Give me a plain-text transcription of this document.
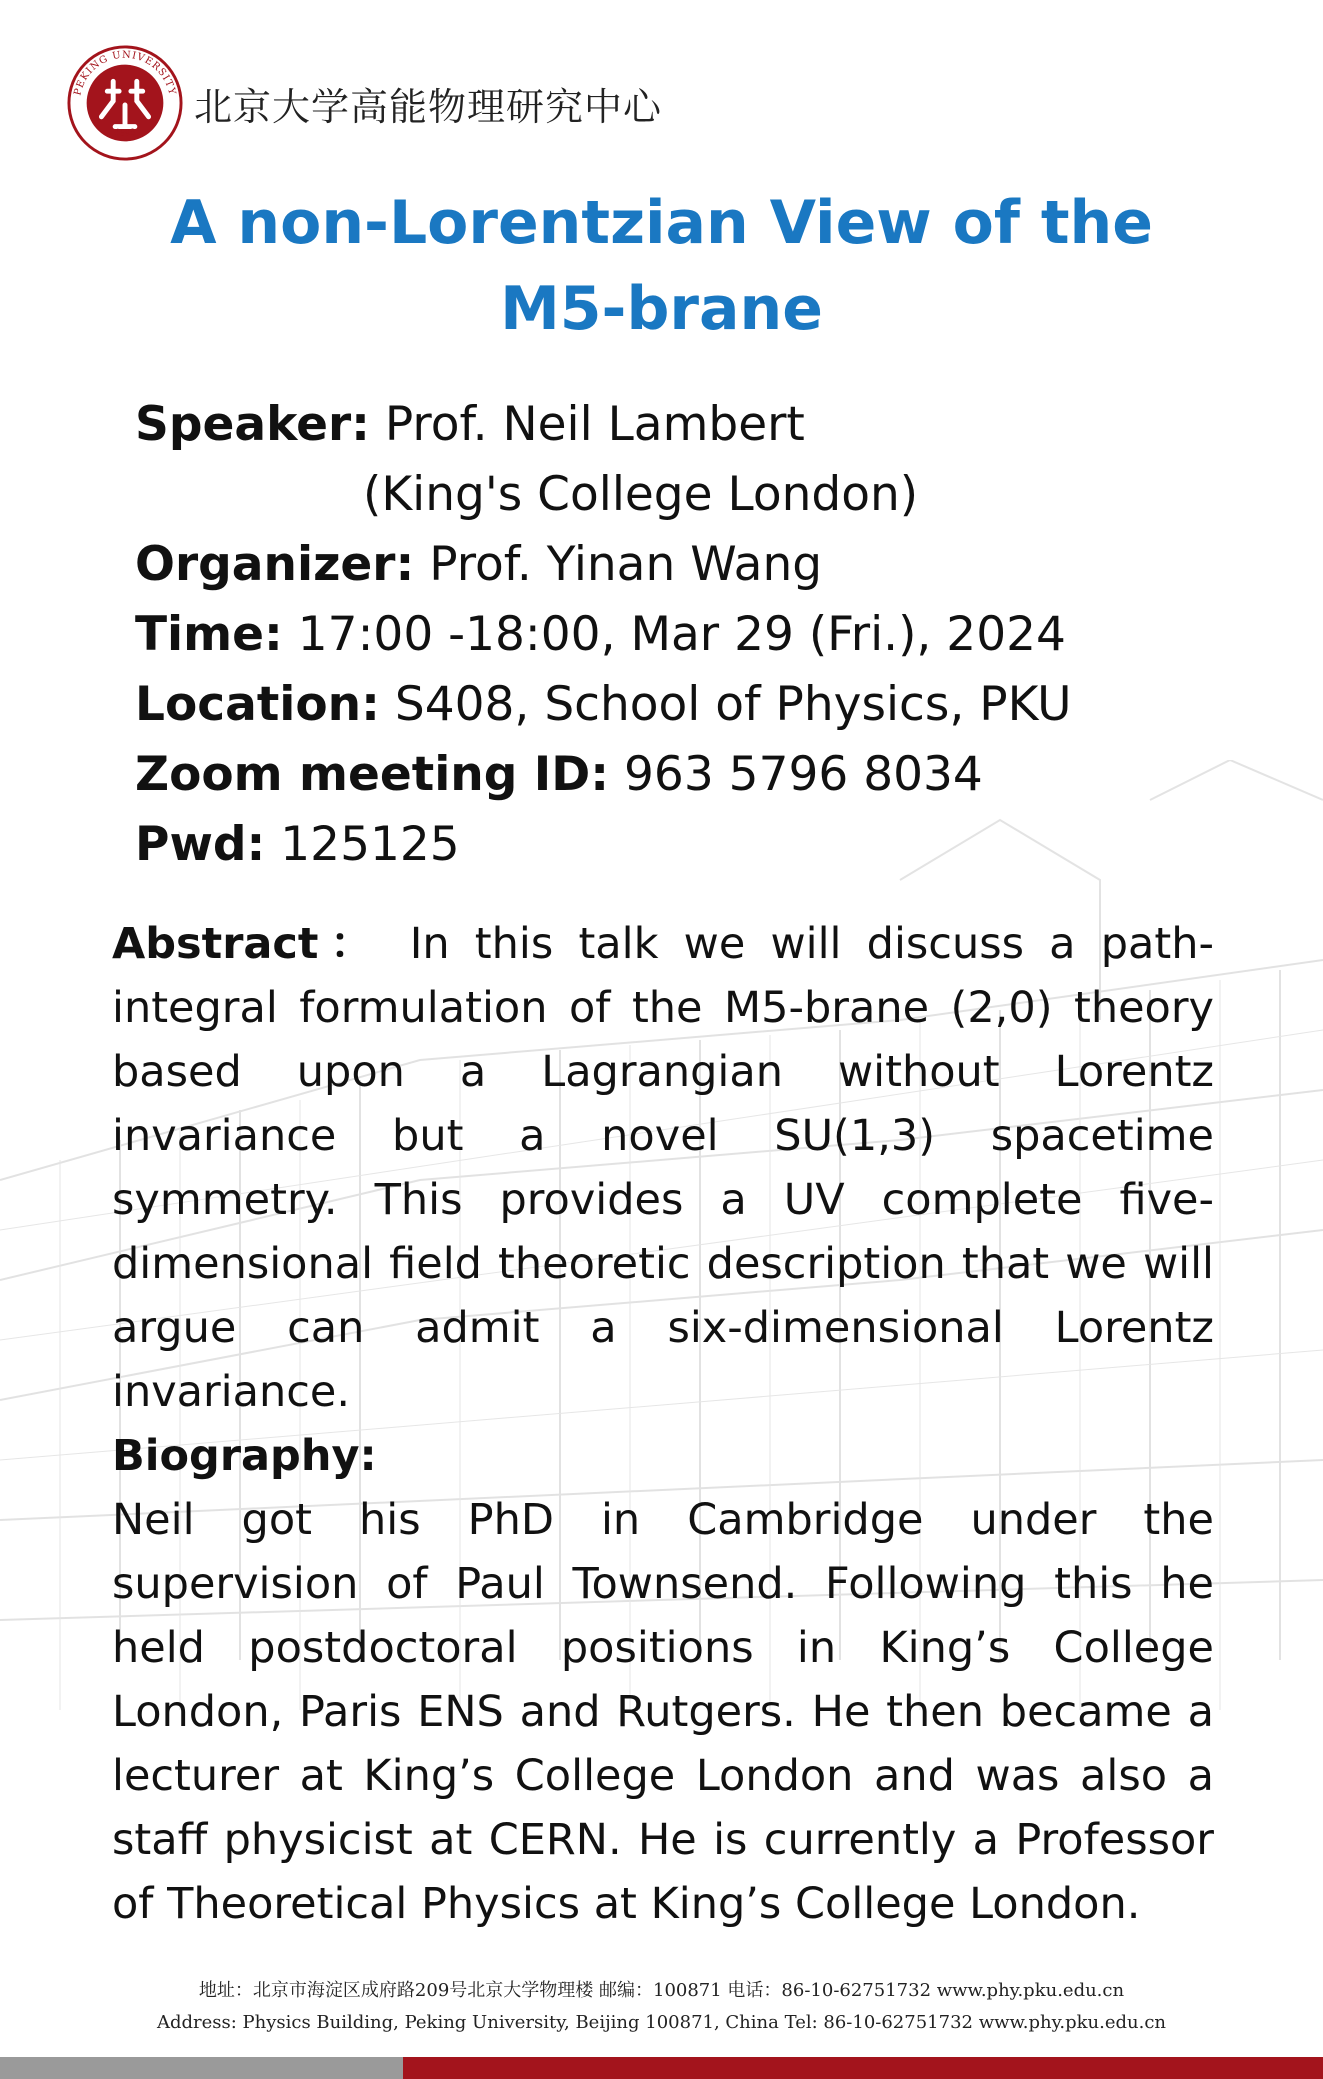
PEKING UNIVERSITY
1898
北京大学高能物理研究中心
A non-Lorentzian View of the
M5-brane
Speaker: Prof. Neil Lambert
(King's College London)
Organizer: Prof. Yinan Wang
Time: 17:00 -18:00, Mar 29 (Fri.), 2024
Location: S408, School of Physics, PKU
Zoom meeting ID: 963 5796 8034
Pwd: 125125

Abstract： In this talk we will discuss a path-integral formulation of the M5-brane (2,0) theory based upon a Lagrangian without Lorentz invariance but a novel SU(1,3) spacetime symmetry. This provides a UV complete five-dimensional field theoretic description that we will argue can admit a six-dimensional Lorentz invariance.

Biography:

Neil got his PhD in Cambridge under the supervision of Paul Townsend. Following this he held postdoctoral positions in King’s College London, Paris ENS and Rutgers. He then became a lecturer at King’s College London and was also a staff physicist at CERN. He is currently a Professor of Theoretical Physics at King’s College London.

地址：北京市海淀区成府路209号北京大学物理楼 邮编：100871 电话：86-10-62751732 www.phy.pku.edu.cn
Address: Physics Building, Peking University, Beijing 100871, China Tel: 86-10-62751732 www.phy.pku.edu.cn
